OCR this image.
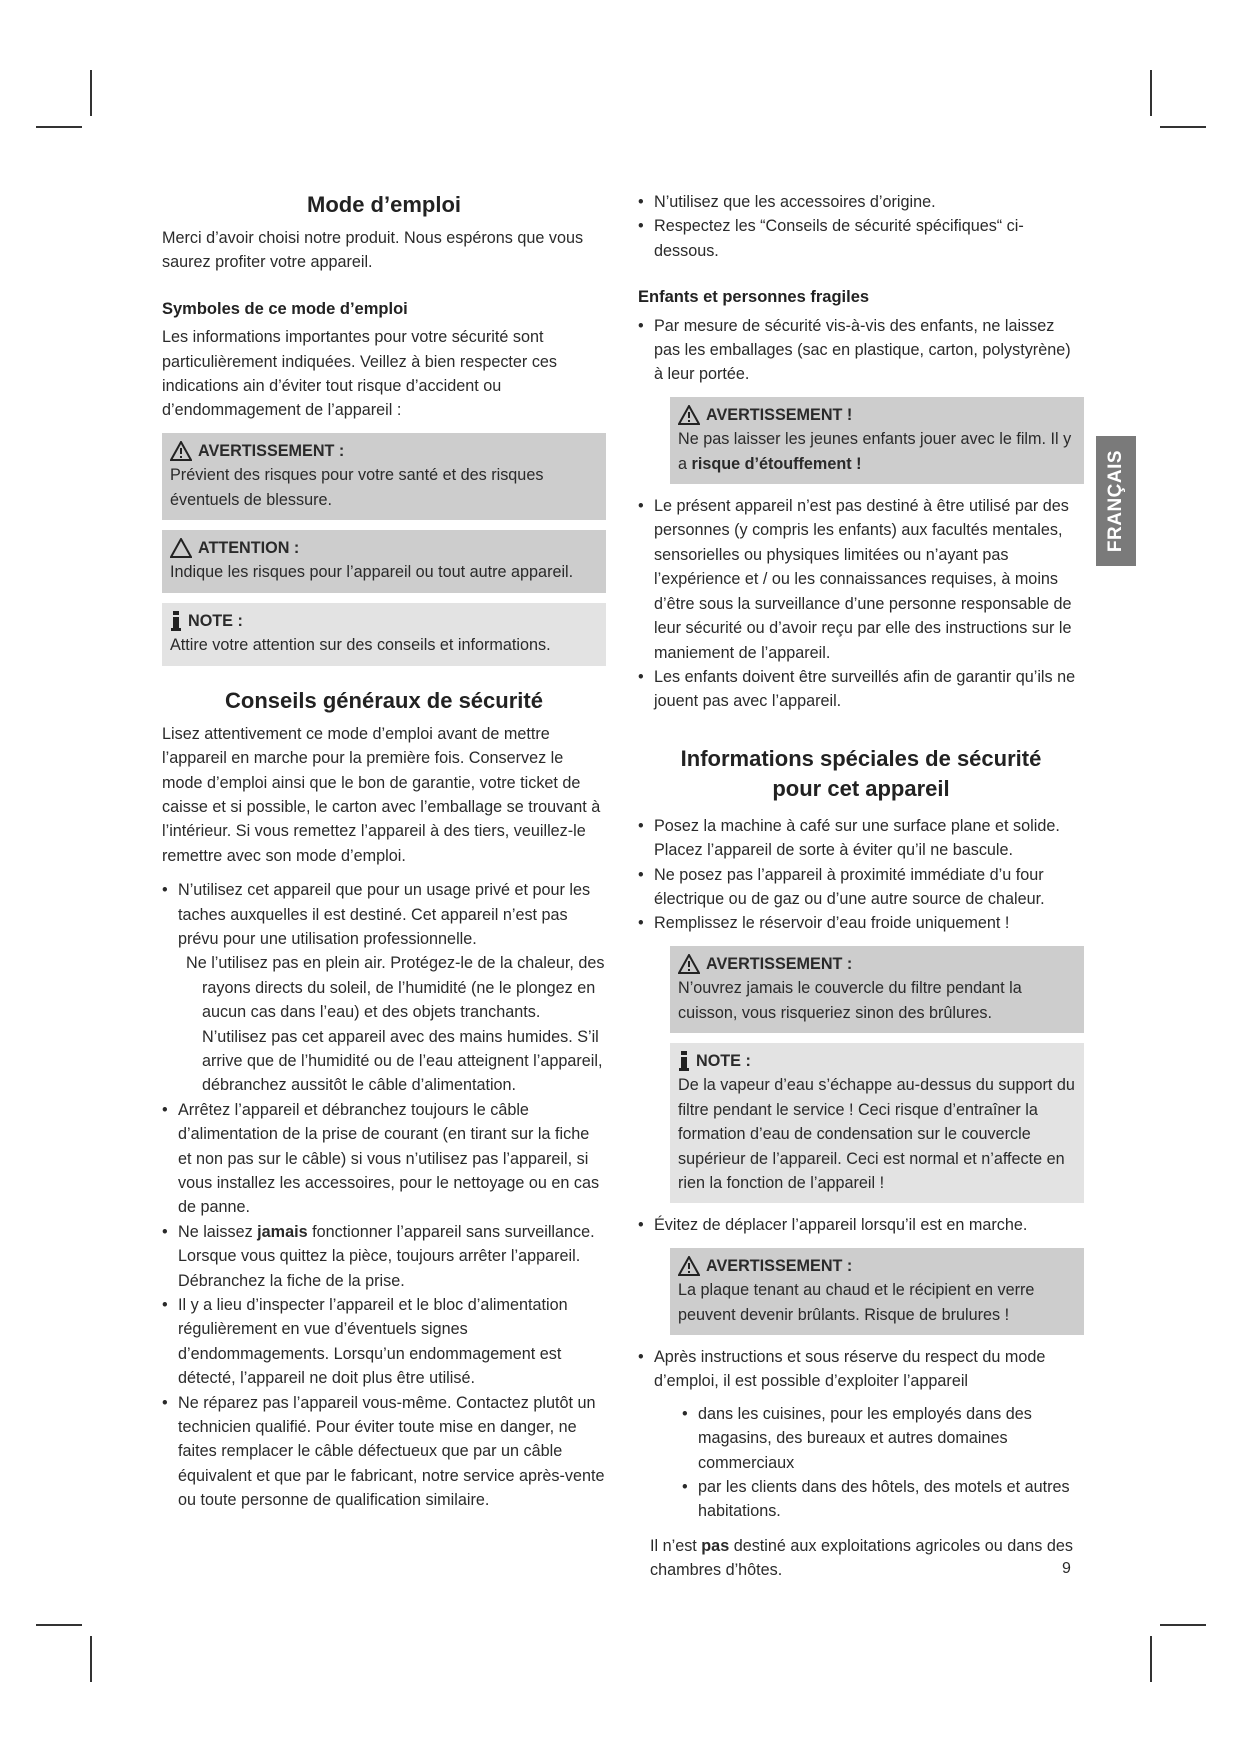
Mode d’emploi

Merci d’avoir choisi notre produit. Nous espérons que vous saurez profiter votre appareil.

Symboles de ce mode d’emploi

Les informations importantes pour votre sécurité sont particulièrement indiquées. Veillez à bien respecter ces indications ain d’éviter tout risque d’accident ou d’endommagement de l’appareil :

AVERTISSEMENT :

Prévient des risques pour votre santé et des risques éventuels de blessure.

ATTENTION :

Indique les risques pour l’appareil ou tout autre appareil.

NOTE :

Attire votre attention sur des conseils et informations.

Conseils généraux de sécurité

Lisez attentivement ce mode d’emploi avant de mettre l’appareil en marche pour la première fois. Conservez le mode d’emploi ainsi que le bon de garantie, votre ticket de caisse et si possible, le carton avec l’emballage se trouvant à l’intérieur. Si vous remettez l’appareil à des tiers, veuillez-le remettre avec son mode d’emploi.

• N’utilisez cet appareil que pour un usage privé et pour les taches auxquelles il est destiné. Cet appareil n’est pas prévu pour une utilisation professionnelle.

Ne l’utilisez pas en plein air. Protégez-le de la chaleur, des rayons directs du soleil, de l’humidité (ne le plongez en aucun cas dans l’eau) et des objets tranchants. N’utilisez pas cet appareil avec des mains humides. S’il arrive que de l’humidité ou de l’eau atteignent l’appareil, débranchez aussitôt le câble d’alimentation.

• Arrêtez l’appareil et débranchez toujours le câble d’alimentation de la prise de courant (en tirant sur la fiche et non pas sur le câble) si vous n’utilisez pas l’appareil, si vous installez les accessoires, pour le nettoyage ou en cas de panne.
• Ne laissez jamais fonctionner l’appareil sans surveillance. Lorsque vous quittez la pièce, toujours arrêter l’appareil. Débranchez la fiche de la prise.
• Il y a lieu d’inspecter l’appareil et le bloc d’alimentation régulièrement en vue d’éventuels signes d’endommagements. Lorsqu’un endommagement est détecté, l’appareil ne doit plus être utilisé.
• Ne réparez pas l’appareil vous-même. Contactez plutôt un technicien qualifié. Pour éviter toute mise en danger, ne faites remplacer le câble défectueux que par un câble équivalent et que par le fabricant, notre service après-vente ou toute personne de qualification similaire.
• N’utilisez que les accessoires d’origine.
• Respectez les “Conseils de sécurité spécifiques“ ci-dessous.
Enfants et personnes fragiles
• Par mesure de sécurité vis-à-vis des enfants, ne laissez pas les emballages (sac en plastique, carton, polystyrène) à leur portée.
AVERTISSEMENT !

Ne pas laisser les jeunes enfants jouer avec le film. Il y a risque d’étouffement !

• Le présent appareil n’est pas destiné à être utilisé par des personnes (y compris les enfants) aux facultés mentales, sensorielles ou physiques limitées ou n’ayant pas l’expérience et / ou les connaissances requises, à moins d’être sous la surveillance d’une personne responsable de leur sécurité ou d’avoir reçu par elle des instructions sur le maniement de l’appareil.
• Les enfants doivent être surveillés afin de garantir qu’ils ne jouent pas avec l’appareil.
Informations spéciales de sécurité
pour cet appareil
• Posez la machine à café sur une surface plane et solide. Placez l’appareil de sorte à éviter qu’il ne bascule.
• Ne posez pas l’appareil à proximité immédiate d’u four électrique ou de gaz ou d’une autre source de chaleur.
• Remplissez le réservoir d’eau froide uniquement !
AVERTISSEMENT :

N’ouvrez jamais le couvercle du filtre pendant la cuisson, vous risqueriez sinon des brûlures.

NOTE :

De la vapeur d’eau s’échappe au-dessus du support du filtre pendant le service ! Ceci risque d’entraîner la formation d’eau de condensation sur le couvercle supérieur de l’appareil. Ceci est normal et n’affecte en rien la fonction de l’appareil !

• Évitez de déplacer l’appareil lorsqu’il est en marche.
AVERTISSEMENT :

La plaque tenant au chaud et le récipient en verre peuvent devenir brûlants. Risque de brulures !

• Après instructions et sous réserve du respect du mode d’emploi, il est possible d’exploiter l’appareil
• dans les cuisines, pour les employés dans des magasins, des bureaux et autres domaines commerciaux
• par les clients dans des hôtels, des motels et autres habitations.

Il n’est pas destiné aux exploitations agricoles ou dans des chambres d’hôtes.

FRANÇAIS
9
